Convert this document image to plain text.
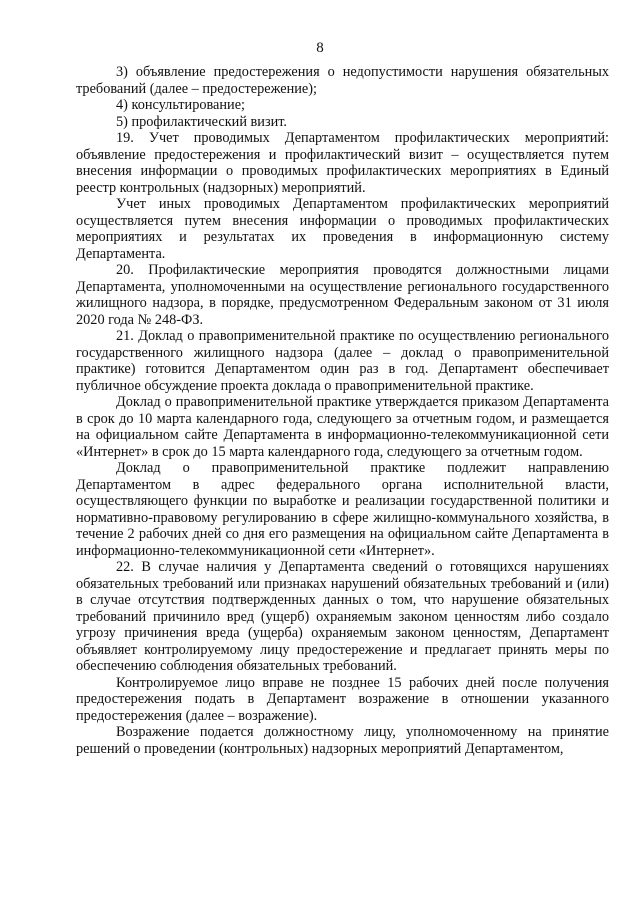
8

3) объявление предостережения о недопустимости нарушения обязательных требований (далее – предостережение);

4) консультирование;

5) профилактический визит.

19. Учет проводимых Департаментом профилактических мероприятий: объявление предостережения и профилактический визит – осуществляется путем внесения информации о проводимых профилактических мероприятиях в Единый реестр контрольных (надзорных) мероприятий.

Учет иных проводимых Департаментом профилактических мероприятий осуществляется путем внесения информации о проводимых профилактических мероприятиях и результатах их проведения в информационную систему Департамента.

20. Профилактические мероприятия проводятся должностными лицами Департамента, уполномоченными на осуществление регионального государственного жилищного надзора, в порядке, предусмотренном Федеральным законом от 31 июля 2020 года № 248-ФЗ.

21. Доклад о правоприменительной практике по осуществлению регионального государственного жилищного надзора (далее – доклад о правоприменительной практике) готовится Департаментом один раз в год. Департамент обеспечивает публичное обсуждение проекта доклада о правоприменительной практике.

Доклад о правоприменительной практике утверждается приказом Департамента в срок до 10 марта календарного года, следующего за отчетным годом, и размещается на официальном сайте Департамента в информационно-телекоммуникационной сети «Интернет» в срок до 15 марта календарного года, следующего за отчетным годом.

Доклад о правоприменительной практике подлежит направлению Департаментом в адрес федерального органа исполнительной власти, осуществляющего функции по выработке и реализации государственной политики и нормативно-правовому регулированию в сфере жилищно-коммунального хозяйства, в течение 2 рабочих дней со дня его размещения на официальном сайте Департамента в информационно-телекоммуникационной сети «Интернет».

22. В случае наличия у Департамента сведений о готовящихся нарушениях обязательных требований или признаках нарушений обязательных требований и (или) в случае отсутствия подтвержденных данных о том, что нарушение обязательных требований причинило вред (ущерб) охраняемым законом ценностям либо создало угрозу причинения вреда (ущерба) охраняемым законом ценностям, Департамент объявляет контролируемому лицу предостережение и предлагает принять меры по обеспечению соблюдения обязательных требований.

Контролируемое лицо вправе не позднее 15 рабочих дней после получения предостережения подать в Департамент возражение в отношении указанного предостережения (далее – возражение).

Возражение подается должностному лицу, уполномоченному на принятие решений о проведении (контрольных) надзорных мероприятий Департаментом,
